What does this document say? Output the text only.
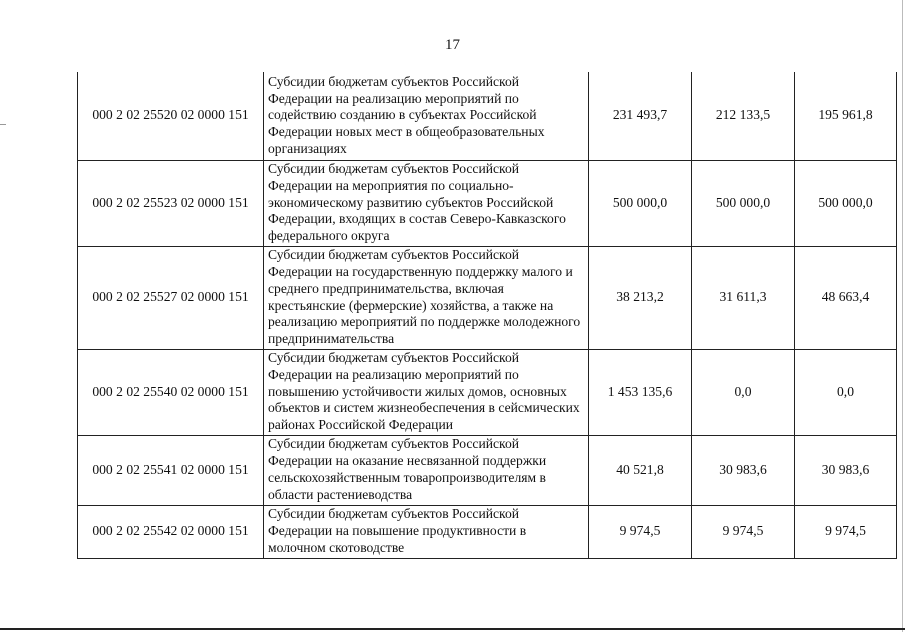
17
000 2 02 25520 02 0000 151	Субсидии бюджетам субъектов Российской Федерации на реализацию мероприятий по содействию созданию в субъектах Российской Федерации новых мест в общеобразовательных организациях	231 493,7	212 133,5	195 961,8
000 2 02 25523 02 0000 151	Субсидии бюджетам субъектов Российской Федерации на мероприятия по социально-экономическому развитию субъектов Российской Федерации, входящих в состав Северо-Кавказского федерального округа	500 000,0	500 000,0	500 000,0
000 2 02 25527 02 0000 151	Субсидии бюджетам субъектов Российской Федерации на государственную поддержку малого и среднего предпринимательства, включая крестьянские (фермерские) хозяйства, а также на реализацию мероприятий по поддержке молодежного предпринимательства	38 213,2	31 611,3	48 663,4
000 2 02 25540 02 0000 151	Субсидии бюджетам субъектов Российской Федерации на реализацию мероприятий по повышению устойчивости жилых домов, основных объектов и систем жизнеобеспечения в сейсмических районах Российской Федерации	1 453 135,6	0,0	0,0
000 2 02 25541 02 0000 151	Субсидии бюджетам субъектов Российской Федерации на оказание несвязанной поддержки сельскохозяйственным товаропроизводителям в области растениеводства	40 521,8	30 983,6	30 983,6
000 2 02 25542 02 0000 151	Субсидии бюджетам субъектов Российской Федерации на повышение продуктивности в молочном скотоводстве	9 974,5	9 974,5	9 974,5
